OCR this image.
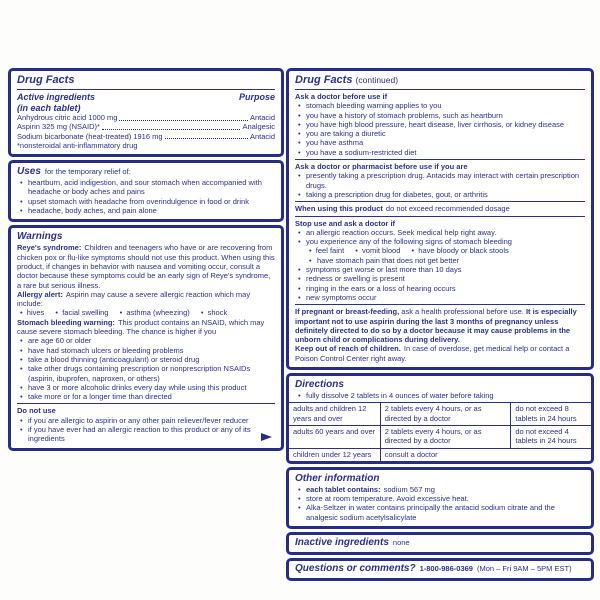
Drug Facts
Active ingredients
(in each tablet)
Purpose
Anhydrous citric acid 1000 mg	Antacid
Aspirin 325 mg (NSAID)*	Analgesic
Sodium bicarbonate (heat-treated) 1916 mg	Antacid
*nonsteroidal anti-inflammatory drug
Uses for the temporary relief of:
• heartburn, acid indigestion, and sour stomach when accompanied with headache or body aches and pains
• upset stomach with headache from overindulgence in food or drink
• headache, body aches, and pain alone
Warnings
Reye's syndrome: Children and teenagers who have or are recovering from chicken pox or flu-like symptoms should not use this product. When using this product, if changes in behavior with nausea and vomiting occur, consult a doctor because these symptoms could be an early sign of Reye's syndrome, a rare but serious illness.
Allergy alert: Aspirin may cause a severe allergic reaction which may include:
•  hives •  facial swelling •  asthma (wheezing) •  shock
Stomach bleeding warning: This product contains an NSAID, which may cause severe stomach bleeding. The chance is higher if you
• are age 60 or older
• have had stomach ulcers or bleeding problems
• take a blood thinning (anticoagulant) or steroid drug
• take other drugs containing prescription or nonprescription NSAIDs (aspirin, ibuprofen, naproxen, or others)
• have 3 or more alcoholic drinks every day while using this product
• take more or for a longer time than directed
Do not use
• if you are allergic to aspirin or any other pain reliever/fever reducer
• if you have ever had an allergic reaction to this product or any of its ingredients
Drug Facts (continued)
Ask a doctor before use if
• stomach bleeding warning applies to you
• you have a history of stomach problems, such as heartburn
• you have high blood pressure, heart disease, liver cirrhosis, or kidney disease
• you are taking a diuretic
• you have asthma
• you have a sodium-restricted diet
Ask a doctor or pharmacist before use if you are
• presently taking a prescription drug. Antacids may interact with certain prescription drugs.
• taking a prescription drug for diabetes, gout, or arthritis
When using this product do not exceed recommended dosage
Stop use and ask a doctor if
• an allergic reaction occurs. Seek medical help right away.
• you experience any of the following signs of stomach bleeding
•  feel faint •  vomit blood •  have bloody or black stools
• have stomach pain that does not get better
• symptoms get worse or last more than 10 days
• redness or swelling is present
• ringing in the ears or a loss of hearing occurs
• new symptoms occur
If pregnant or breast-feeding, ask a health professional before use. It is especially important not to use aspirin during the last 3 months of pregnancy unless definitely directed to do so by a doctor because it may cause problems in the unborn child or complications during delivery.
Keep out of reach of children. In case of overdose, get medical help or contact a Poison Control Center right away.
Directions
• fully dissolve 2 tablets in 4 ounces of water before taking
adults and children 12 years and over	2 tablets every 4 hours, or as directed by a doctor	do not exceed 8 tablets in 24 hours
adults 60 years and over	2 tablets every 4 hours, or as directed by a doctor	do not exceed 4 tablets in 24 hours
children under 12 years	consult a doctor	
Other information
• each tablet contains: sodium 567 mg
• store at room temperature. Avoid excessive heat.
• Alka-Seltzer in water contains principally the antacid sodium citrate and the analgesic sodium acetylsalicylate
Inactive ingredients none
Questions or comments? 1-800-986-0369 (Mon – Fri 9AM – 5PM EST)
